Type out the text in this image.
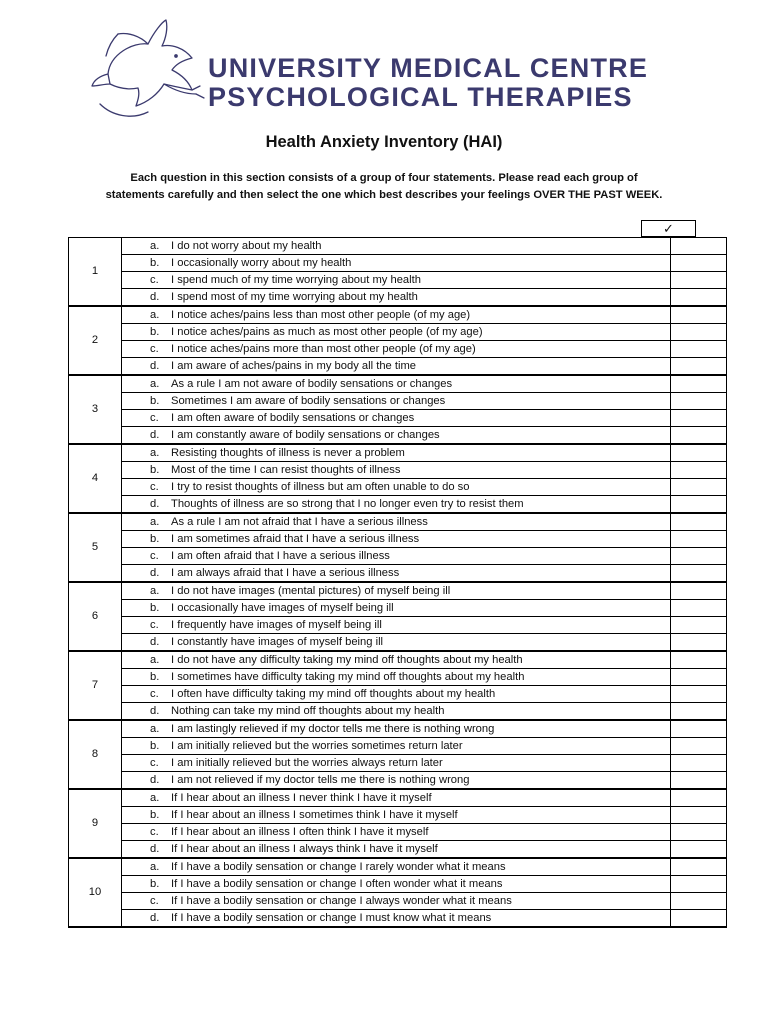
UNIVERSITY MEDICAL CENTRE
PSYCHOLOGICAL THERAPIES
Health Anxiety Inventory (HAI)
Each question in this section consists of a group of four statements. Please read each group of
statements carefully and then select the one which best describes your feelings OVER THE PAST WEEK.
✓
1	a. I do not worry about my health	

	b. I occasionally worry about my health	

	c. I spend much of my time worrying about my health	

	d. I spend most of my time worrying about my health	
2	a. I notice aches/pains less than most other people (of my age)	

	b. I notice aches/pains as much as most other people (of my age)	

	c. I notice aches/pains more than most other people (of my age)	

	d. I am aware of aches/pains in my body all the time	
3	a. As a rule I am not aware of bodily sensations or changes	

	b. Sometimes I am aware of bodily sensations or changes	

	c. I am often aware of bodily sensations or changes	

	d. I am constantly aware of bodily sensations or changes	
4	a. Resisting thoughts of illness is never a problem	

	b. Most of the time I can resist thoughts of illness	

	c. I try to resist thoughts of illness but am often unable to do so	

	d. Thoughts of illness are so strong that I no longer even try to resist them	
5	a. As a rule I am not afraid that I have a serious illness	

	b. I am sometimes afraid that I have a serious illness	

	c. I am often afraid that I have a serious illness	

	d. I am always afraid that I have a serious illness	
6	a. I do not have images (mental pictures) of myself being ill	

	b. I occasionally have images of myself being ill	

	c. I frequently have images of myself being ill	

	d. I constantly have images of myself being ill	
7	a. I do not have any difficulty taking my mind off thoughts about my health	

	b. I sometimes have difficulty taking my mind off thoughts about my health	

	c. I often have difficulty taking my mind off thoughts about my health	

	d. Nothing can take my mind off thoughts about my health	
8	a. I am lastingly relieved if my doctor tells me there is nothing wrong	

	b. I am initially relieved but the worries sometimes return later	

	c. I am initially relieved but the worries always return later	

	d. I am not relieved if my doctor tells me there is nothing wrong	
9	a. If I hear about an illness I never think I have it myself	

	b. If I hear about an illness I sometimes think I have it myself	

	c. If I hear about an illness I often think I have it myself	

	d. If I hear about an illness I always think I have it myself	
10	a. If I have a bodily sensation or change I rarely wonder what it means	

	b. If I have a bodily sensation or change I often wonder what it means	

	c. If I have a bodily sensation or change I always wonder what it means	

	d. If I have a bodily sensation or change I must know what it means	
